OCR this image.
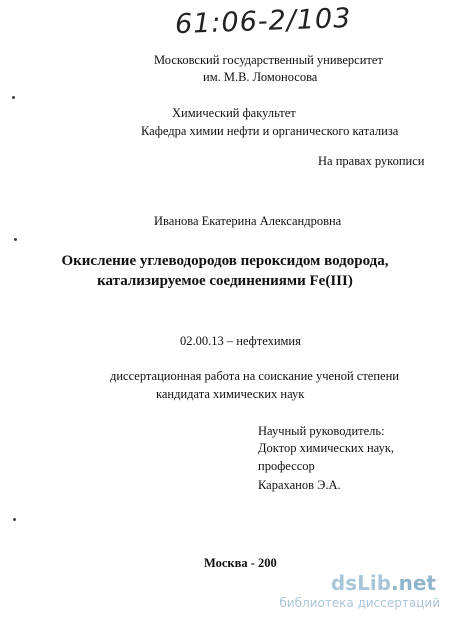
61:06-2/103
Московский государственный университет
им. М.В. Ломоносова
Химический факультет
Кафедра химии нефти и органического катализа
На правах рукописи
Иванова Екатерина Александровна
Окисление углеводородов пероксидом водорода,
катализируемое соединениями Fe(III)
02.00.13 – нефтехимия
диссертационная работа на соискание ученой степени
кандидата химических наук
Научный руководитель:
Доктор химических наук,
профессор
Караханов Э.А.
Москва - 200
dsLib.net
библиотека диссертаций
